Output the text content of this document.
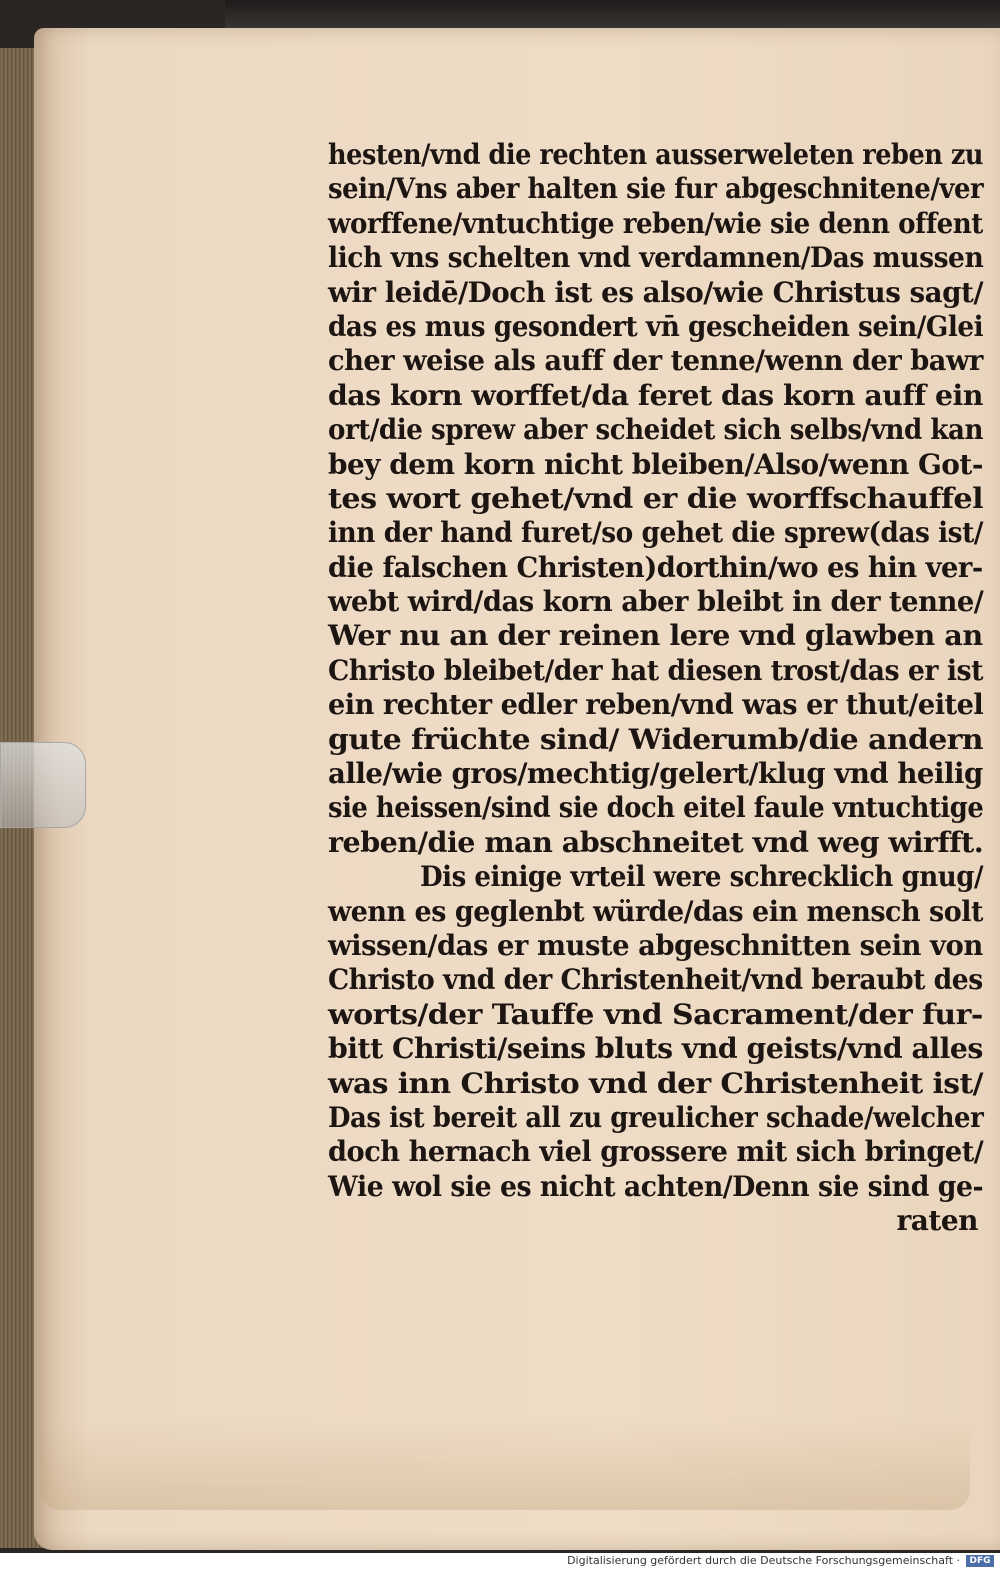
hesten/vnd die rechten ausserweleten reben zu
sein/Vns aber halten sie fur abgeschnitene/ver
worffene/vntuchtige reben/wie sie denn offent
lich vns schelten vnd verdamnen/Das mussen
wir leidē/Doch ist es also/wie Christus sagt/
das es mus gesondert vn̄ gescheiden sein/Glei
cher weise als auff der tenne/wenn der bawr
das korn worffet/da feret das korn auff ein
ort/die sprew aber scheidet sich selbs/vnd kan
bey dem korn nicht bleiben/Also/wenn Got-
tes wort gehet/vnd er die worffschauffel
inn der hand furet/so gehet die sprew(das ist/
die falschen Christen)dorthin/wo es hin ver-
webt wird/das korn aber bleibt in der tenne/
Wer nu an der reinen lere vnd glawben an
Christo bleibet/der hat diesen trost/das er ist
ein rechter edler reben/vnd was er thut/eitel
gute früchte sind/ Widerumb/die andern
alle/wie gros/mechtig/gelert/klug vnd heilig
sie heissen/sind sie doch eitel faule vntuchtige
reben/die man abschneitet vnd weg wirfft.
Dis einige vrteil were schrecklich gnug/
wenn es geglenbt würde/das ein mensch solt
wissen/das er muste abgeschnitten sein von
Christo vnd der Christenheit/vnd beraubt des
worts/der Tauffe vnd Sacrament/der fur-
bitt Christi/seins bluts vnd geists/vnd alles
was inn Christo vnd der Christenheit ist/
Das ist bereit all zu greulicher schade/welcher
doch hernach viel grossere mit sich bringet/
Wie wol sie es nicht achten/Denn sie sind ge-
raten
Digitalisierung gefördert durch die Deutsche Forschungsgemeinschaft ·	DFG
